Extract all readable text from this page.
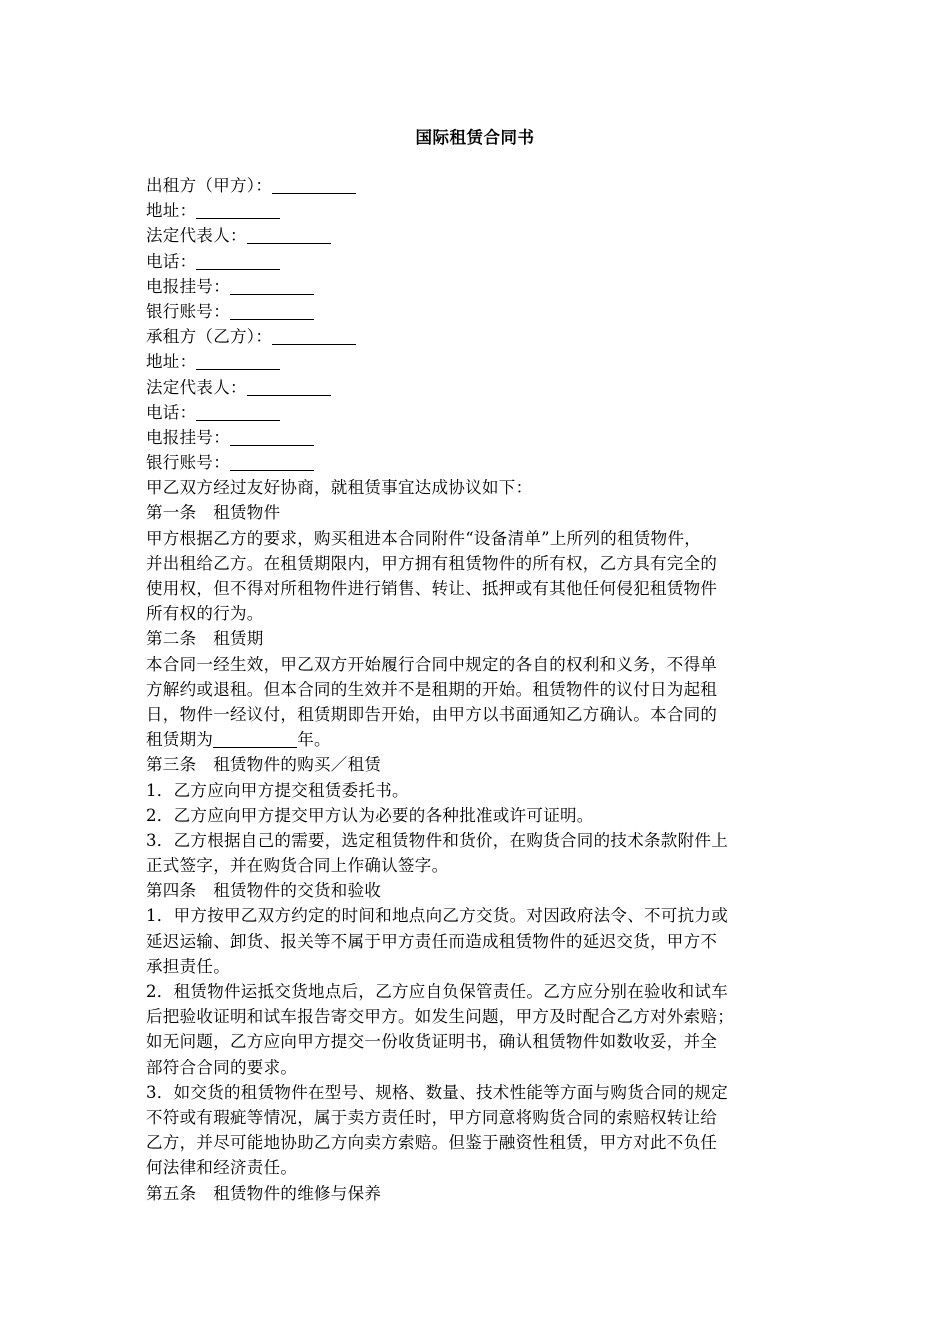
国际租赁合同书
出租方（甲方）：
地址：
法定代表人：
电话：
电报挂号：
银行账号：
承租方（乙方）：
地址：
法定代表人：
电话：
电报挂号：
银行账号：
甲乙双方经过友好协商，就租赁事宜达成协议如下：
第一条　租赁物件
甲方根据乙方的要求，购买租进本合同附件“设备清单”上所列的租赁物件，
并出租给乙方。在租赁期限内，甲方拥有租赁物件的所有权，乙方具有完全的
使用权，但不得对所租物件进行销售、转让、抵押或有其他任何侵犯租赁物件
所有权的行为。
第二条　租赁期
本合同一经生效，甲乙双方开始履行合同中规定的各自的权利和义务，不得单
方解约或退租。但本合同的生效并不是租期的开始。租赁物件的议付日为起租
日，物件一经议付，租赁期即告开始，由甲方以书面通知乙方确认。本合同的
租赁期为	年。
第三条　租赁物件的购买／租赁
1．乙方应向甲方提交租赁委托书。
2．乙方应向甲方提交甲方认为必要的各种批准或许可证明。
3．乙方根据自己的需要，选定租赁物件和货价，在购货合同的技术条款附件上
正式签字，并在购货合同上作确认签字。
第四条　租赁物件的交货和验收
1．甲方按甲乙双方约定的时间和地点向乙方交货。对因政府法令、不可抗力或
延迟运输、卸货、报关等不属于甲方责任而造成租赁物件的延迟交货，甲方不
承担责任。
2．租赁物件运抵交货地点后，乙方应自负保管责任。乙方应分别在验收和试车
后把验收证明和试车报告寄交甲方。如发生问题，甲方及时配合乙方对外索赔；
如无问题，乙方应向甲方提交一份收货证明书，确认租赁物件如数收妥，并全
部符合合同的要求。
3．如交货的租赁物件在型号、规格、数量、技术性能等方面与购货合同的规定
不符或有瑕疵等情况，属于卖方责任时，甲方同意将购货合同的索赔权转让给
乙方，并尽可能地协助乙方向卖方索赔。但鉴于融资性租赁，甲方对此不负任
何法律和经济责任。
第五条　租赁物件的维修与保养
